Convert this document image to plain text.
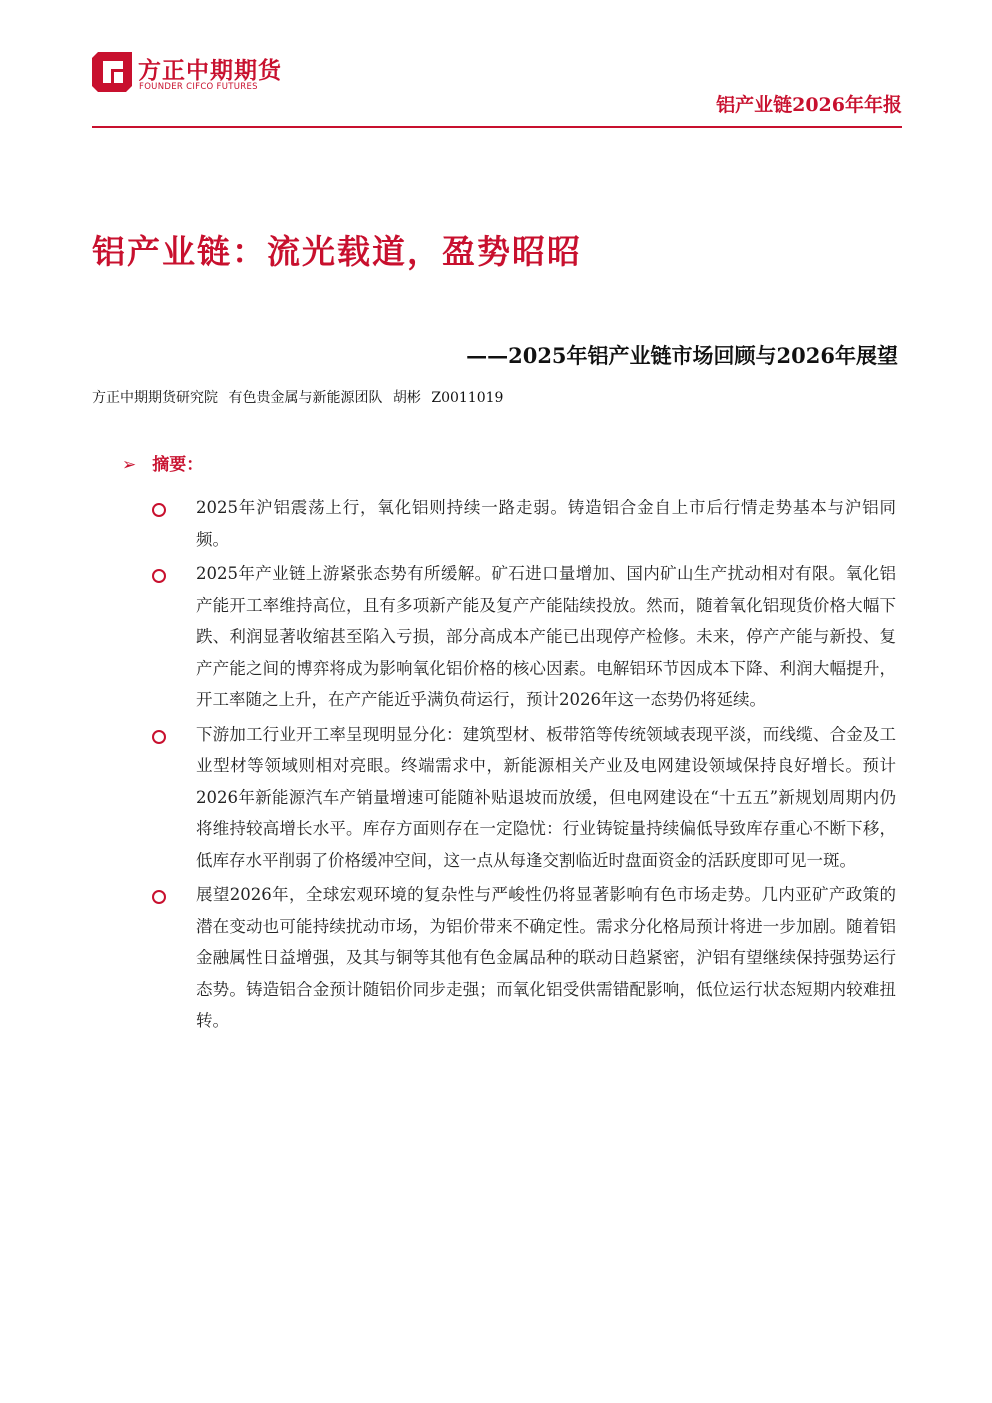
方正中期期货
FOUNDER CIFCO FUTURES
铝产业链2026年年报
铝产业链：流光载道，盈势昭昭
——2025年铝产业链市场回顾与2026年展望
方正中期期货研究院 有色贵金属与新能源团队 胡彬 Z0011019
➢ 摘要：
2025年沪铝震荡上行，氧化铝则持续一路走弱。铸造铝合金自上市后行情走势基本与沪铝同频。
2025年产业链上游紧张态势有所缓解。矿石进口量增加、国内矿山生产扰动相对有限。氧化铝产能开工率维持高位，且有多项新产能及复产产能陆续投放。然而，随着氧化铝现货价格大幅下跌、利润显著收缩甚至陷入亏损，部分高成本产能已出现停产检修。未来，停产产能与新投、复产产能之间的博弈将成为影响氧化铝价格的核心因素。电解铝环节因成本下降、利润大幅提升，开工率随之上升，在产产能近乎满负荷运行，预计2026年这一态势仍将延续。
下游加工行业开工率呈现明显分化：建筑型材、板带箔等传统领域表现平淡，而线缆、合金及工业型材等领域则相对亮眼。终端需求中，新能源相关产业及电网建设领域保持良好增长。预计2026年新能源汽车产销量增速可能随补贴退坡而放缓，但电网建设在“十五五”新规划周期内仍将维持较高增长水平。库存方面则存在一定隐忧：行业铸锭量持续偏低导致库存重心不断下移，低库存水平削弱了价格缓冲空间，这一点从每逢交割临近时盘面资金的活跃度即可见一斑。
展望2026年，全球宏观环境的复杂性与严峻性仍将显著影响有色市场走势。几内亚矿产政策的潜在变动也可能持续扰动市场，为铝价带来不确定性。需求分化格局预计将进一步加剧。随着铝金融属性日益增强，及其与铜等其他有色金属品种的联动日趋紧密，沪铝有望继续保持强势运行态势。铸造铝合金预计随铝价同步走强；而氧化铝受供需错配影响，低位运行状态短期内较难扭转。
